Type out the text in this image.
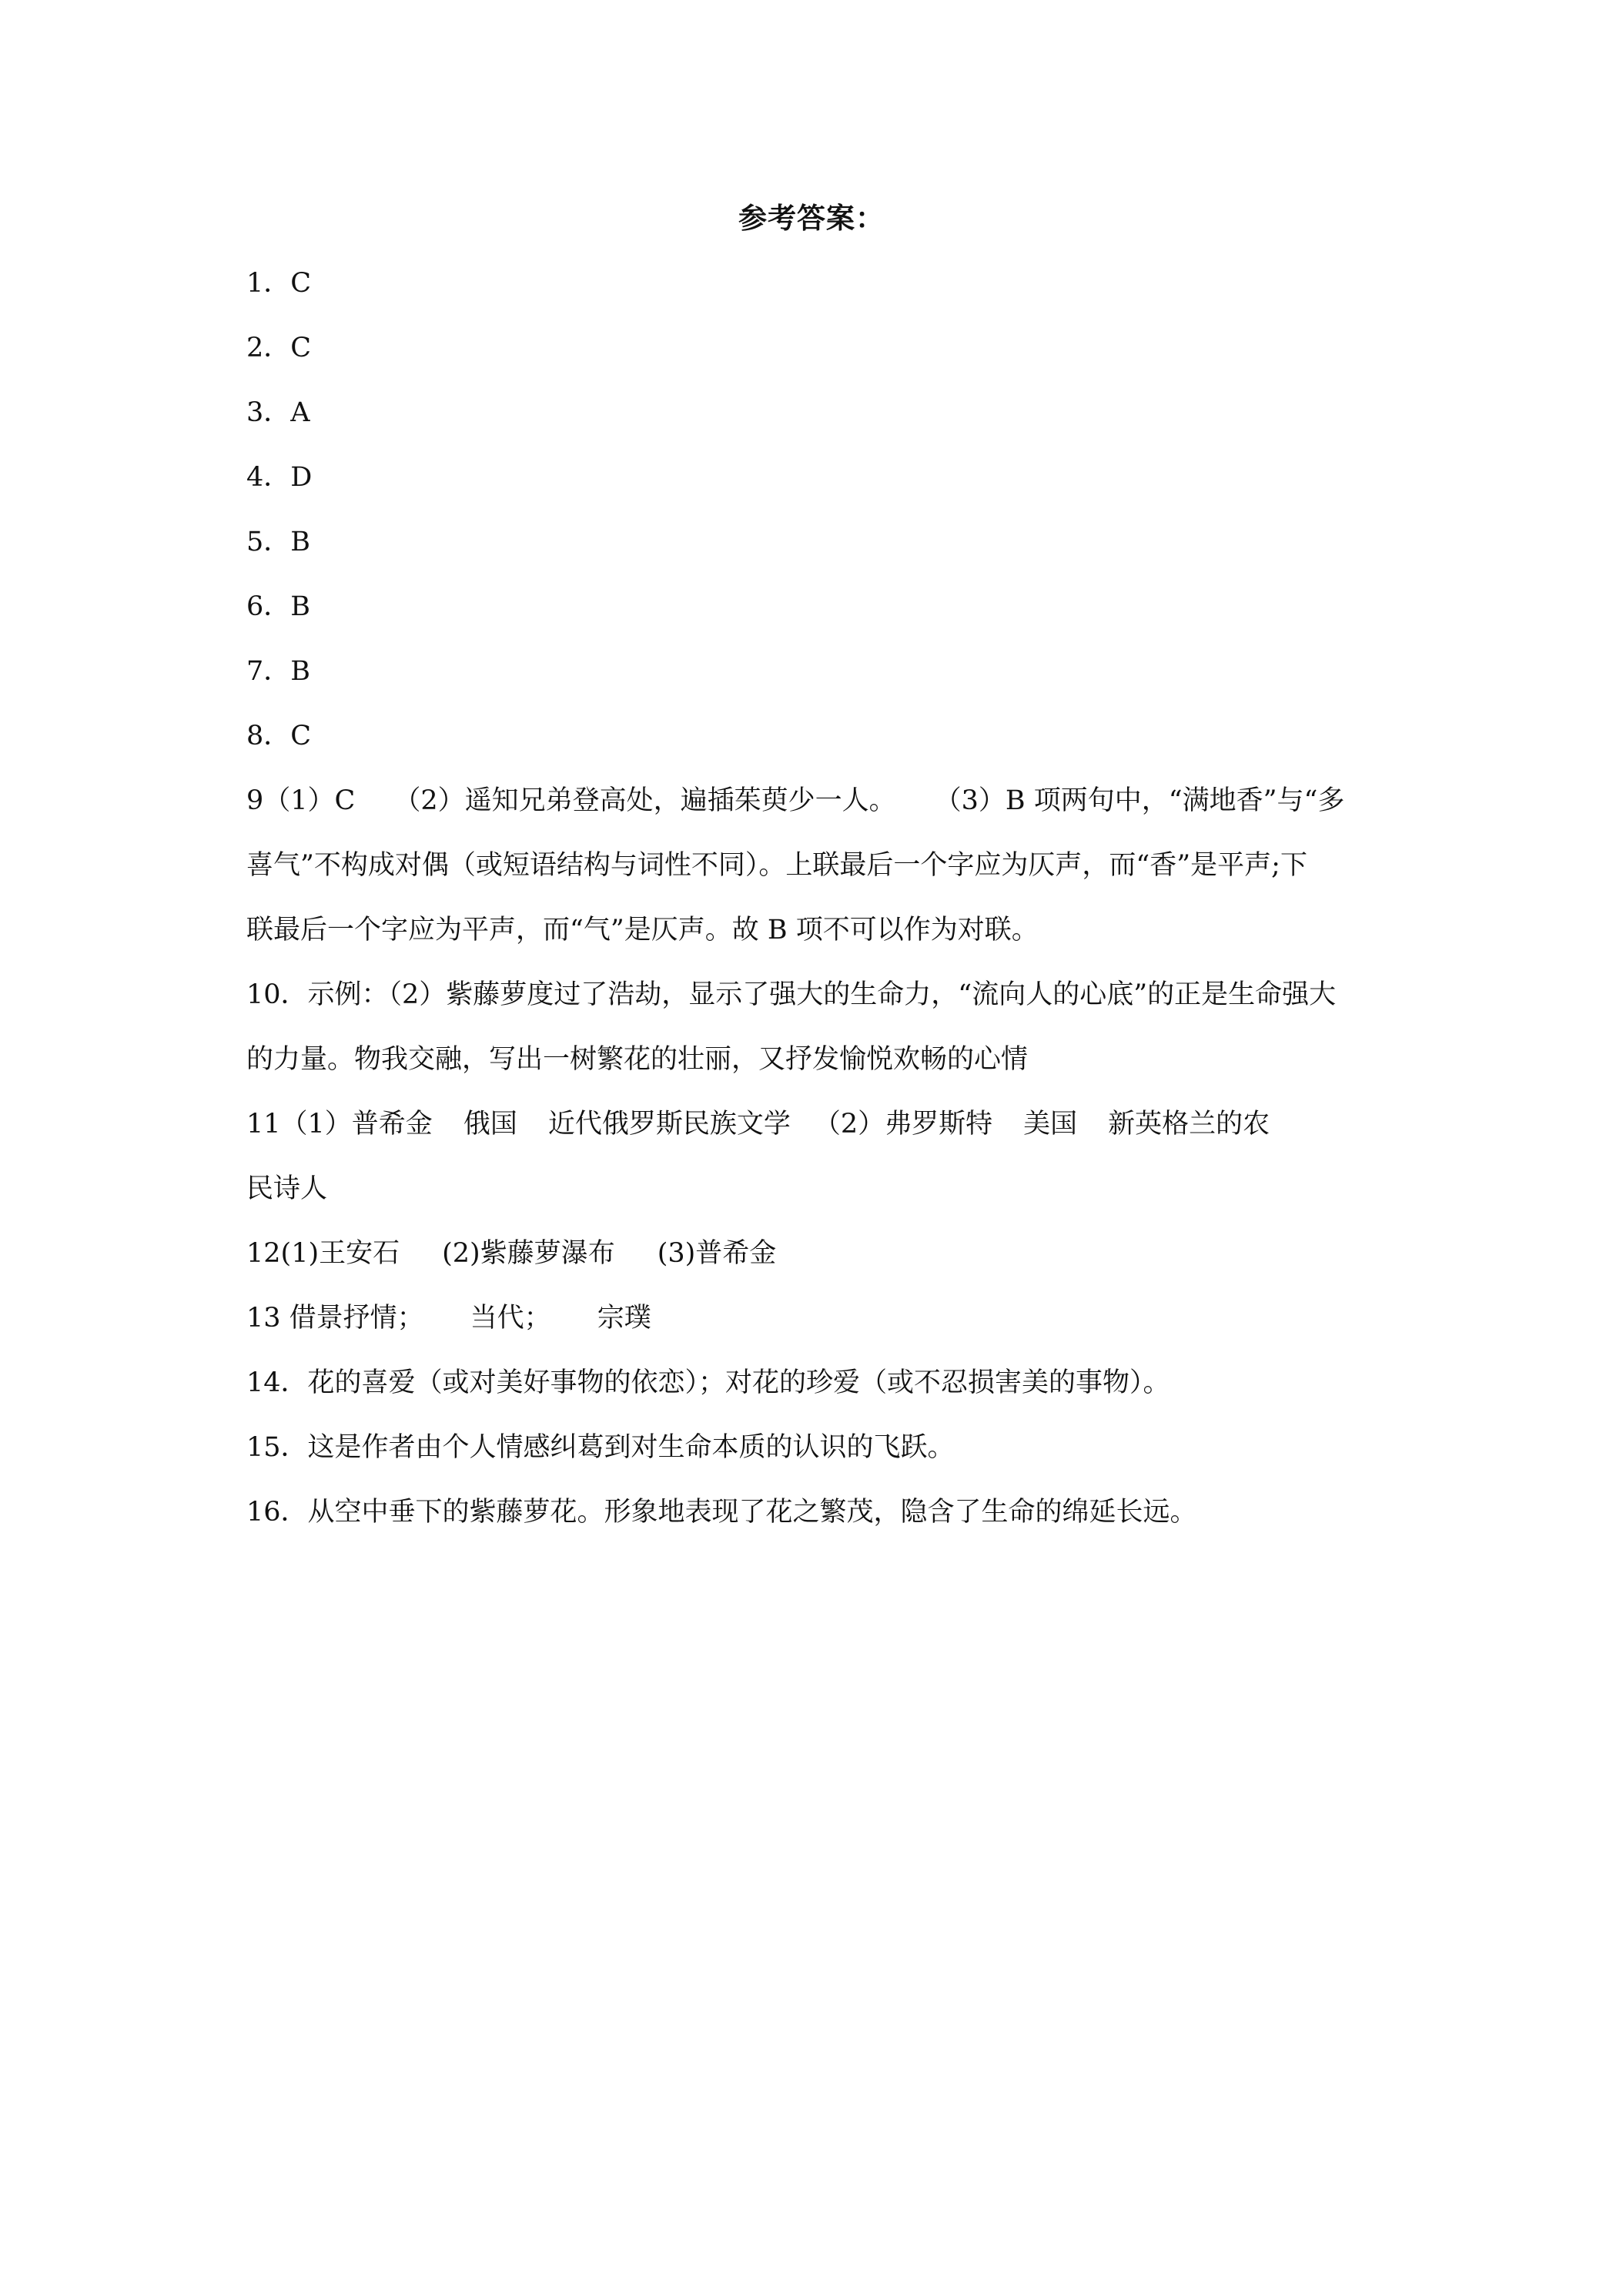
参考答案：
1．C
2．C
3．A
4．D
5．B
6．B
7．B
8．C
9（1）C （2）遥知兄弟登高处，遍插茱萸少一人。 （3）B 项两句中，“满地香”与“多
喜气”不构成对偶（或短语结构与词性不同）。上联最后一个字应为仄声，而“香”是平声;下
联最后一个字应为平声，而“气”是仄声。故 B 项不可以作为对联。
10．示例：（2）紫藤萝度过了浩劫，显示了强大的生命力，“流向人的心底”的正是生命强大
的力量。物我交融，写出一树繁花的壮丽，又抒发愉悦欢畅的心情
11（1）普希金 俄国 近代俄罗斯民族文学 （2）弗罗斯特 美国 新英格兰的农
民诗人
12(1)王安石 (2)紫藤萝瀑布 (3)普希金
13 借景抒情； 当代； 宗璞
14．花的喜爱（或对美好事物的依恋）；对花的珍爱（或不忍损害美的事物）。
15．这是作者由个人情感纠葛到对生命本质的认识的飞跃。
16．从空中垂下的紫藤萝花。形象地表现了花之繁茂，隐含了生命的绵延长远。
